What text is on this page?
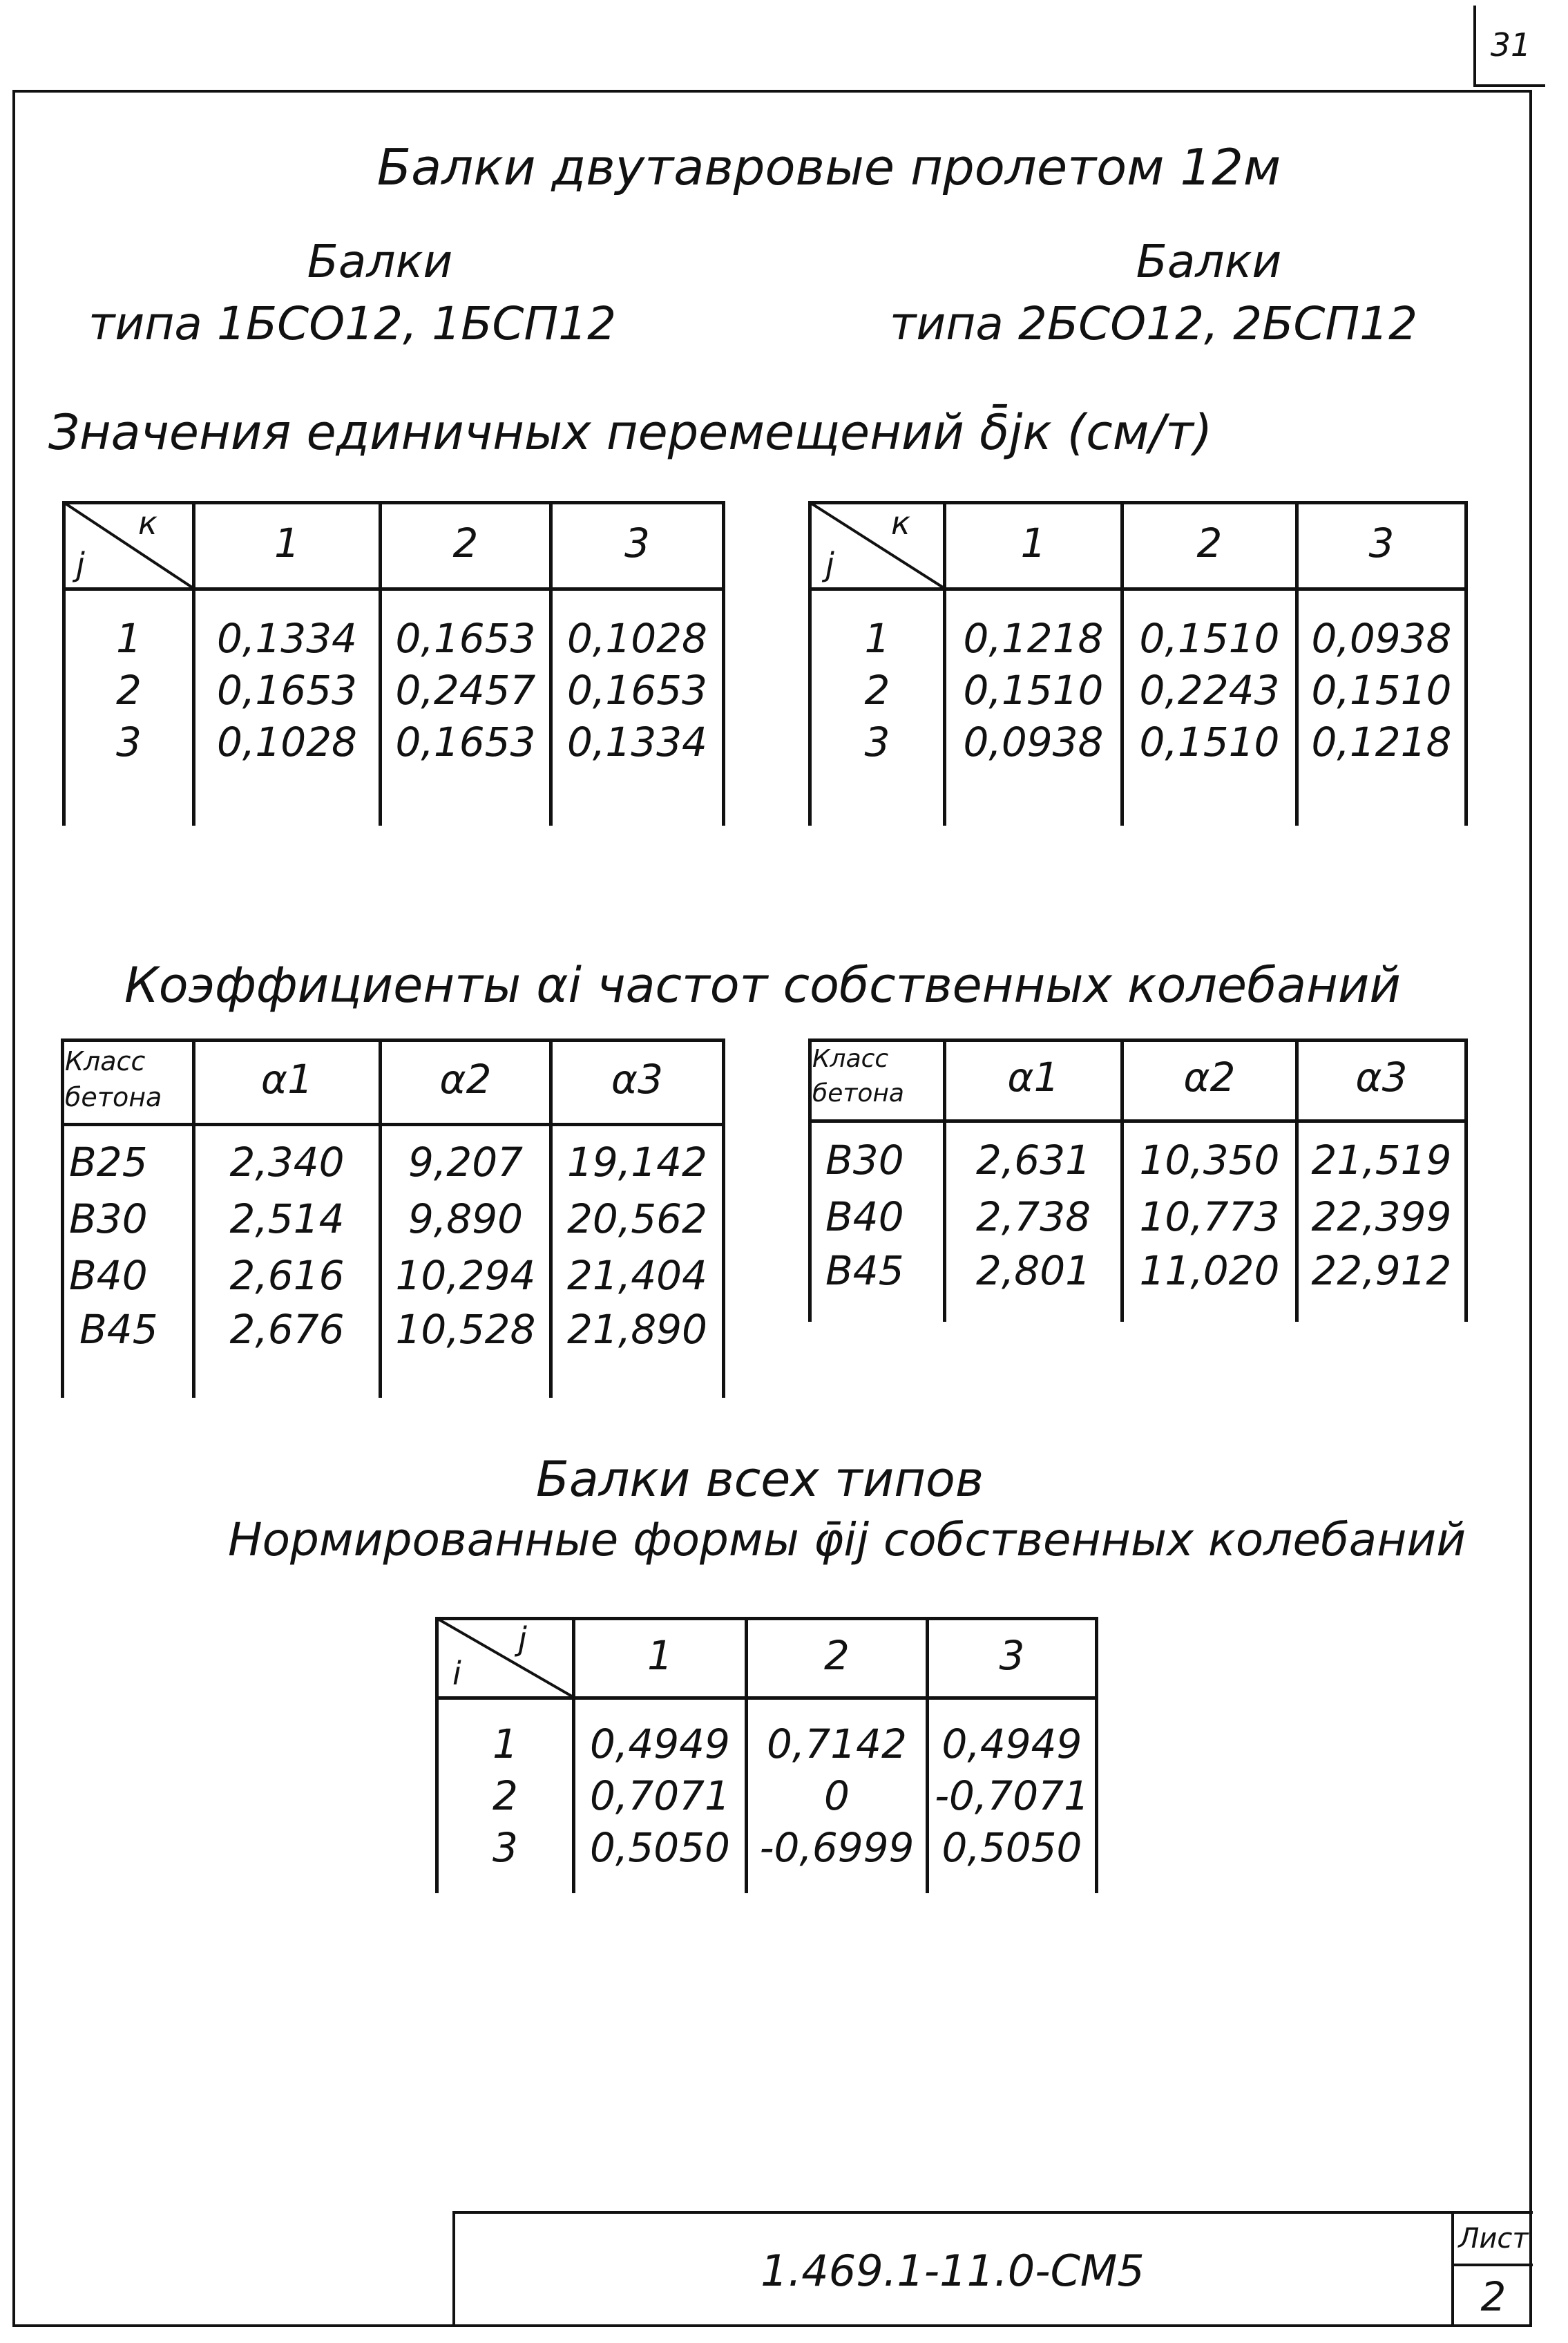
31
Балки двутавровые пролетом 12м
Балки
типа 1БСО12, 1БСП12
Балки
типа 2БСО12, 2БСП12
Значения единичных перемещений δ̄jк (см/т)
к
j	1	2	3
1	0,1334 0,1653 0,1028
2	0,1653 0,2457 0,1653
3	0,1028 0,1653 0,1334
к
j	1	2	3
1	0,1218 0,1510 0,0938
2	0,1510 0,2243 0,1510
3	0,0938 0,1510 0,1218
Коэффициенты αi частот собственных колебаний
Класс бетона	α1	α2	α3
В25	2,340	9,207	19,142
В30	2,514	9,890	20,562
В40	2,616	10,294 21,404
В45	2,676	10,528 21,890
Класс бетона	α1	α2	α3
В30	2,631	10,350 21,519
В40	2,738	10,773 22,399
В45	2,801	11,020 22,912
Балки всех типов
Нормированные формы φ̄ij собственных колебаний
j
i	1	2	3
1	0,4949 0,7142 0,4949
2	0,7071	0	-0,7071
3	0,5050 -0,6999 0,5050
1.469.1-11.0-СМ5
Лист
2
